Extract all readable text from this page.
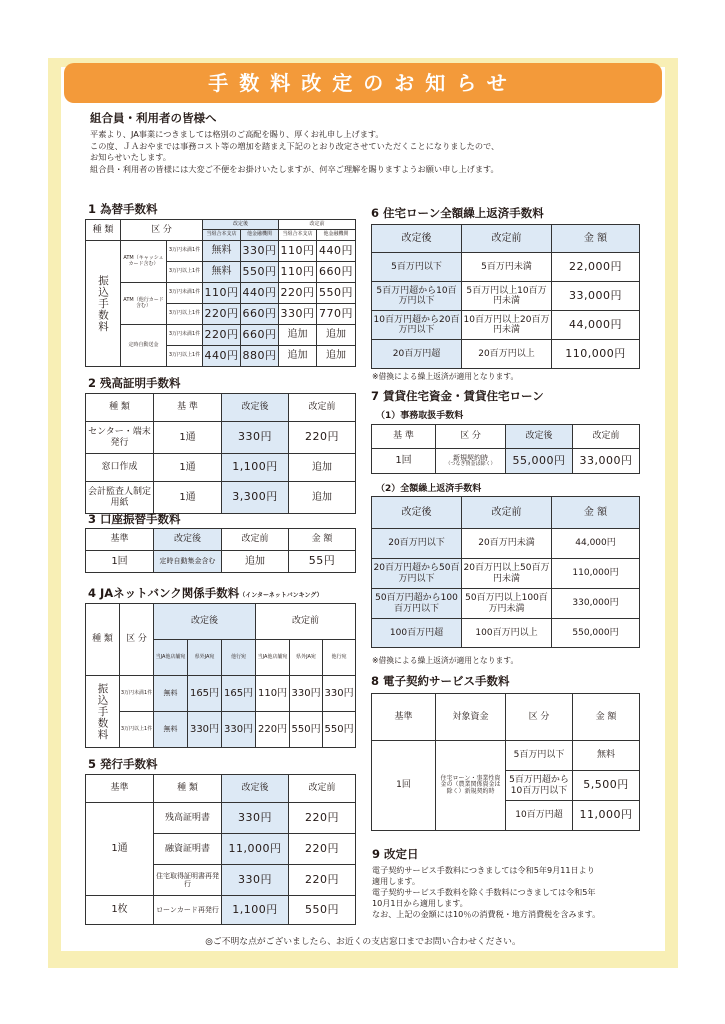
手数料改定のお知らせ
組合員・利用者の皆様へ

平素より、JA事業につきましては格別のご高配を賜り、厚くお礼申し上げます。

この度、ＪＡおやまでは事務コスト等の増加を踏まえ下記のとおり改定させていただくことになりましたので、

お知らせいたします。

組合員・利用者の皆様には大変ご不便をお掛けいたしますが、何卒ご理解を賜りますようお願い申し上げます。

1 為替手数料
種 類	区 分		改定後		改定前	
			当組合本支店	他金融機関	当組合本支店	他金融機関
振込手数料	ATM（キャッシュカード含む）	3万円未満1件	無料	330円	110円	440円
		3万円以上1件	無料	550円	110円	660円
	ATM（他行カード含む）	3万円未満1件	110円	440円	220円	550円
		3万円以上1件	220円	660円	330円	770円
	定時自動送金	3万円未満1件	220円	660円	追加	追加
		3万円以上1件	440円	880円	追加	追加
2 残高証明手数料
種 類	基 準	改定後	改定前
センター・端末発行	1通	330円	220円
窓口作成	1通	1,100円	追加
会計監査人制定用紙	1通	3,300円	追加
3 口座振替手数料
基準	改定後	改定前	金 額
1回	定時自動集金含む	追加	55円
4 JAネットバンク関係手数料（インターネットバンキング）
種 類	区 分	改定後			改定前		
		当JA他店舗宛	県外JA宛	他行宛	当JA他店舗宛	県外JA宛	他行宛
振込手数料	3万円未満1件	無料	165円	165円	110円	330円	330円
	3万円以上1件	無料	330円	330円	220円	550円	550円
5 発行手数料
基準	種 類	改定後	改定前
1通	残高証明書	330円	220円
	融資証明書	11,000円	220円
	住宅取得証明書再発行	330円	220円
1枚	ローンカード再発行	1,100円	550円
6 住宅ローン全額繰上返済手数料
改定後	改定前	金 額
5百万円以下	5百万円未満	22,000円
5百万円超から10百万円以下	5百万円以上10百万円未満	33,000円
10百万円超から20百万円以下	10百万円以上20百万円未満	44,000円
20百万円超	20百万円以上	110,000円
※借換による繰上返済が適用となります。
7 賃貸住宅資金・賃貸住宅ローン
（1）事務取扱手数料
基 準	区 分	改定後	改定前
1回	新規契約時
（つなぎ資金は除く）	55,000円	33,000円
（2）全額繰上返済手数料
改定後	改定前	金 額
20百万円以下	20百万円未満	44,000円
20百万円超から50百万円以下	20百万円以上50百万円未満	110,000円
50百万円超から100百万円以下	50百万円以上100百万円未満	330,000円
100百万円超	100百万円以上	550,000円
※借換による繰上返済が適用となります。
8 電子契約サービス手数料
基準	対象資金	区 分	金 額
1回	住宅ローン・事業性資金の（農業関係資金は除く）新規契約時	5百万円以下	無料
		5百万円超から10百万円以下	5,500円
		10百万円超	11,000円
9 改定日

電子契約サービス手数料につきましては令和5年9月11日より

適用します。

電子契約サービス手数料を除く手数料につきましては令和5年

10月1日から適用します。

なお、上記の金額には10％の消費税・地方消費税を含みます。

◎ご不明な点がございましたら、お近くの支店窓口までお問い合わせください。
